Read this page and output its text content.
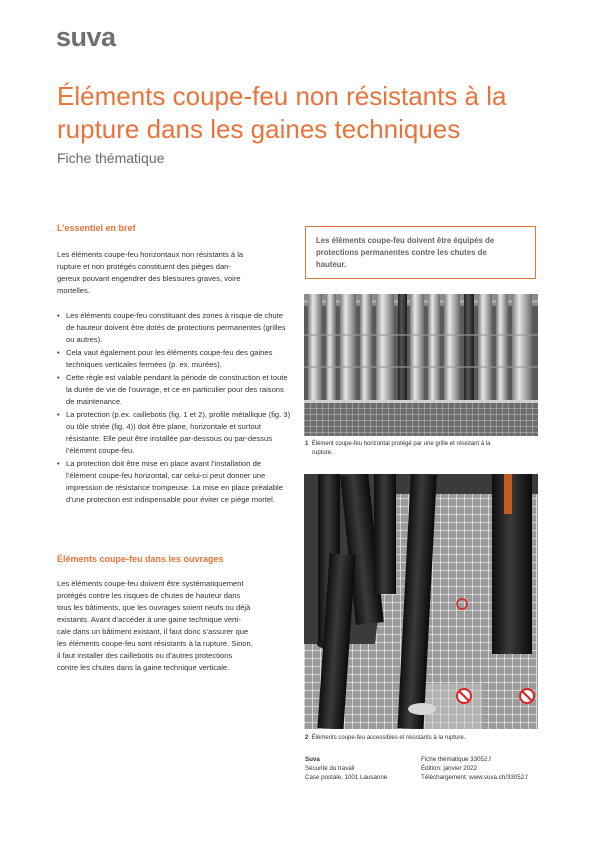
suva
Éléments coupe-feu non résistants à la
rupture dans les gaines techniques
Fiche thématique
L’essentiel en bref
Les éléments coupe-feu horizontaux non résistants à la
rupture et non protégés constituent des pièges dan-
gereux pouvant engendrer des blessures graves, voire
mortelles.
• Les éléments coupe-feu constituant des zones à risque de chute de hauteur doivent être dotés de protections permanentes (grilles ou autres).
• Cela vaut également pour les éléments coupe-feu des gaines techniques verticales fermées (p. ex. murées).
• Cette règle est valable pendant la période de construction et toute la durée de vie de l’ouvrage, et ce en particulier pour des raisons de maintenance.
• La protection (p.ex. caillebotis (fig. 1 et 2), profilé métallique (fig. 3) ou tôle striée (fig. 4)) doit être plane, horizontale et surtout résistante. Elle peut être installée par-dessous ou par-dessus l’élément coupe-feu.
• La protection doit être mise en place avant l’installation de l’élément coupe-feu horizontal, car celui-ci peut donner une impression de résistance trompeuse. La mise en place préalable d’une protection est indispensable pour éviter ce piège mortel.
Éléments coupe-feu dans les ouvrages
Les éléments coupe-feu doivent être systématiquement
protégés contre les risques de chutes de hauteur dans
tous les bâtiments, que les ouvrages soient neufs ou déjà
existants. Avant d’accéder à une gaine technique verti-
cale dans un bâtiment existant, il faut donc s’assurer que
les éléments coupe-feu sont résistants à la rupture. Sinon,
il faut installer des caillebotis ou d’autres protections
contre les chutes dans la gaine technique verticale.
Les éléments coupe-feu doivent être équipés de
protections permanentes contre les chutes de
hauteur.
1 Élément coupe-feu horizontal protégé par une grille et résistant à la
rupture.
2 Éléments coupe-feu accessibles et résistants à la rupture.
Suva
Sécurité du travail
Case postale, 1001 Lausanne
Fiche thématique 33052.f
Édition: janvier 2022
Téléchargement: www.suva.ch/33052.f
